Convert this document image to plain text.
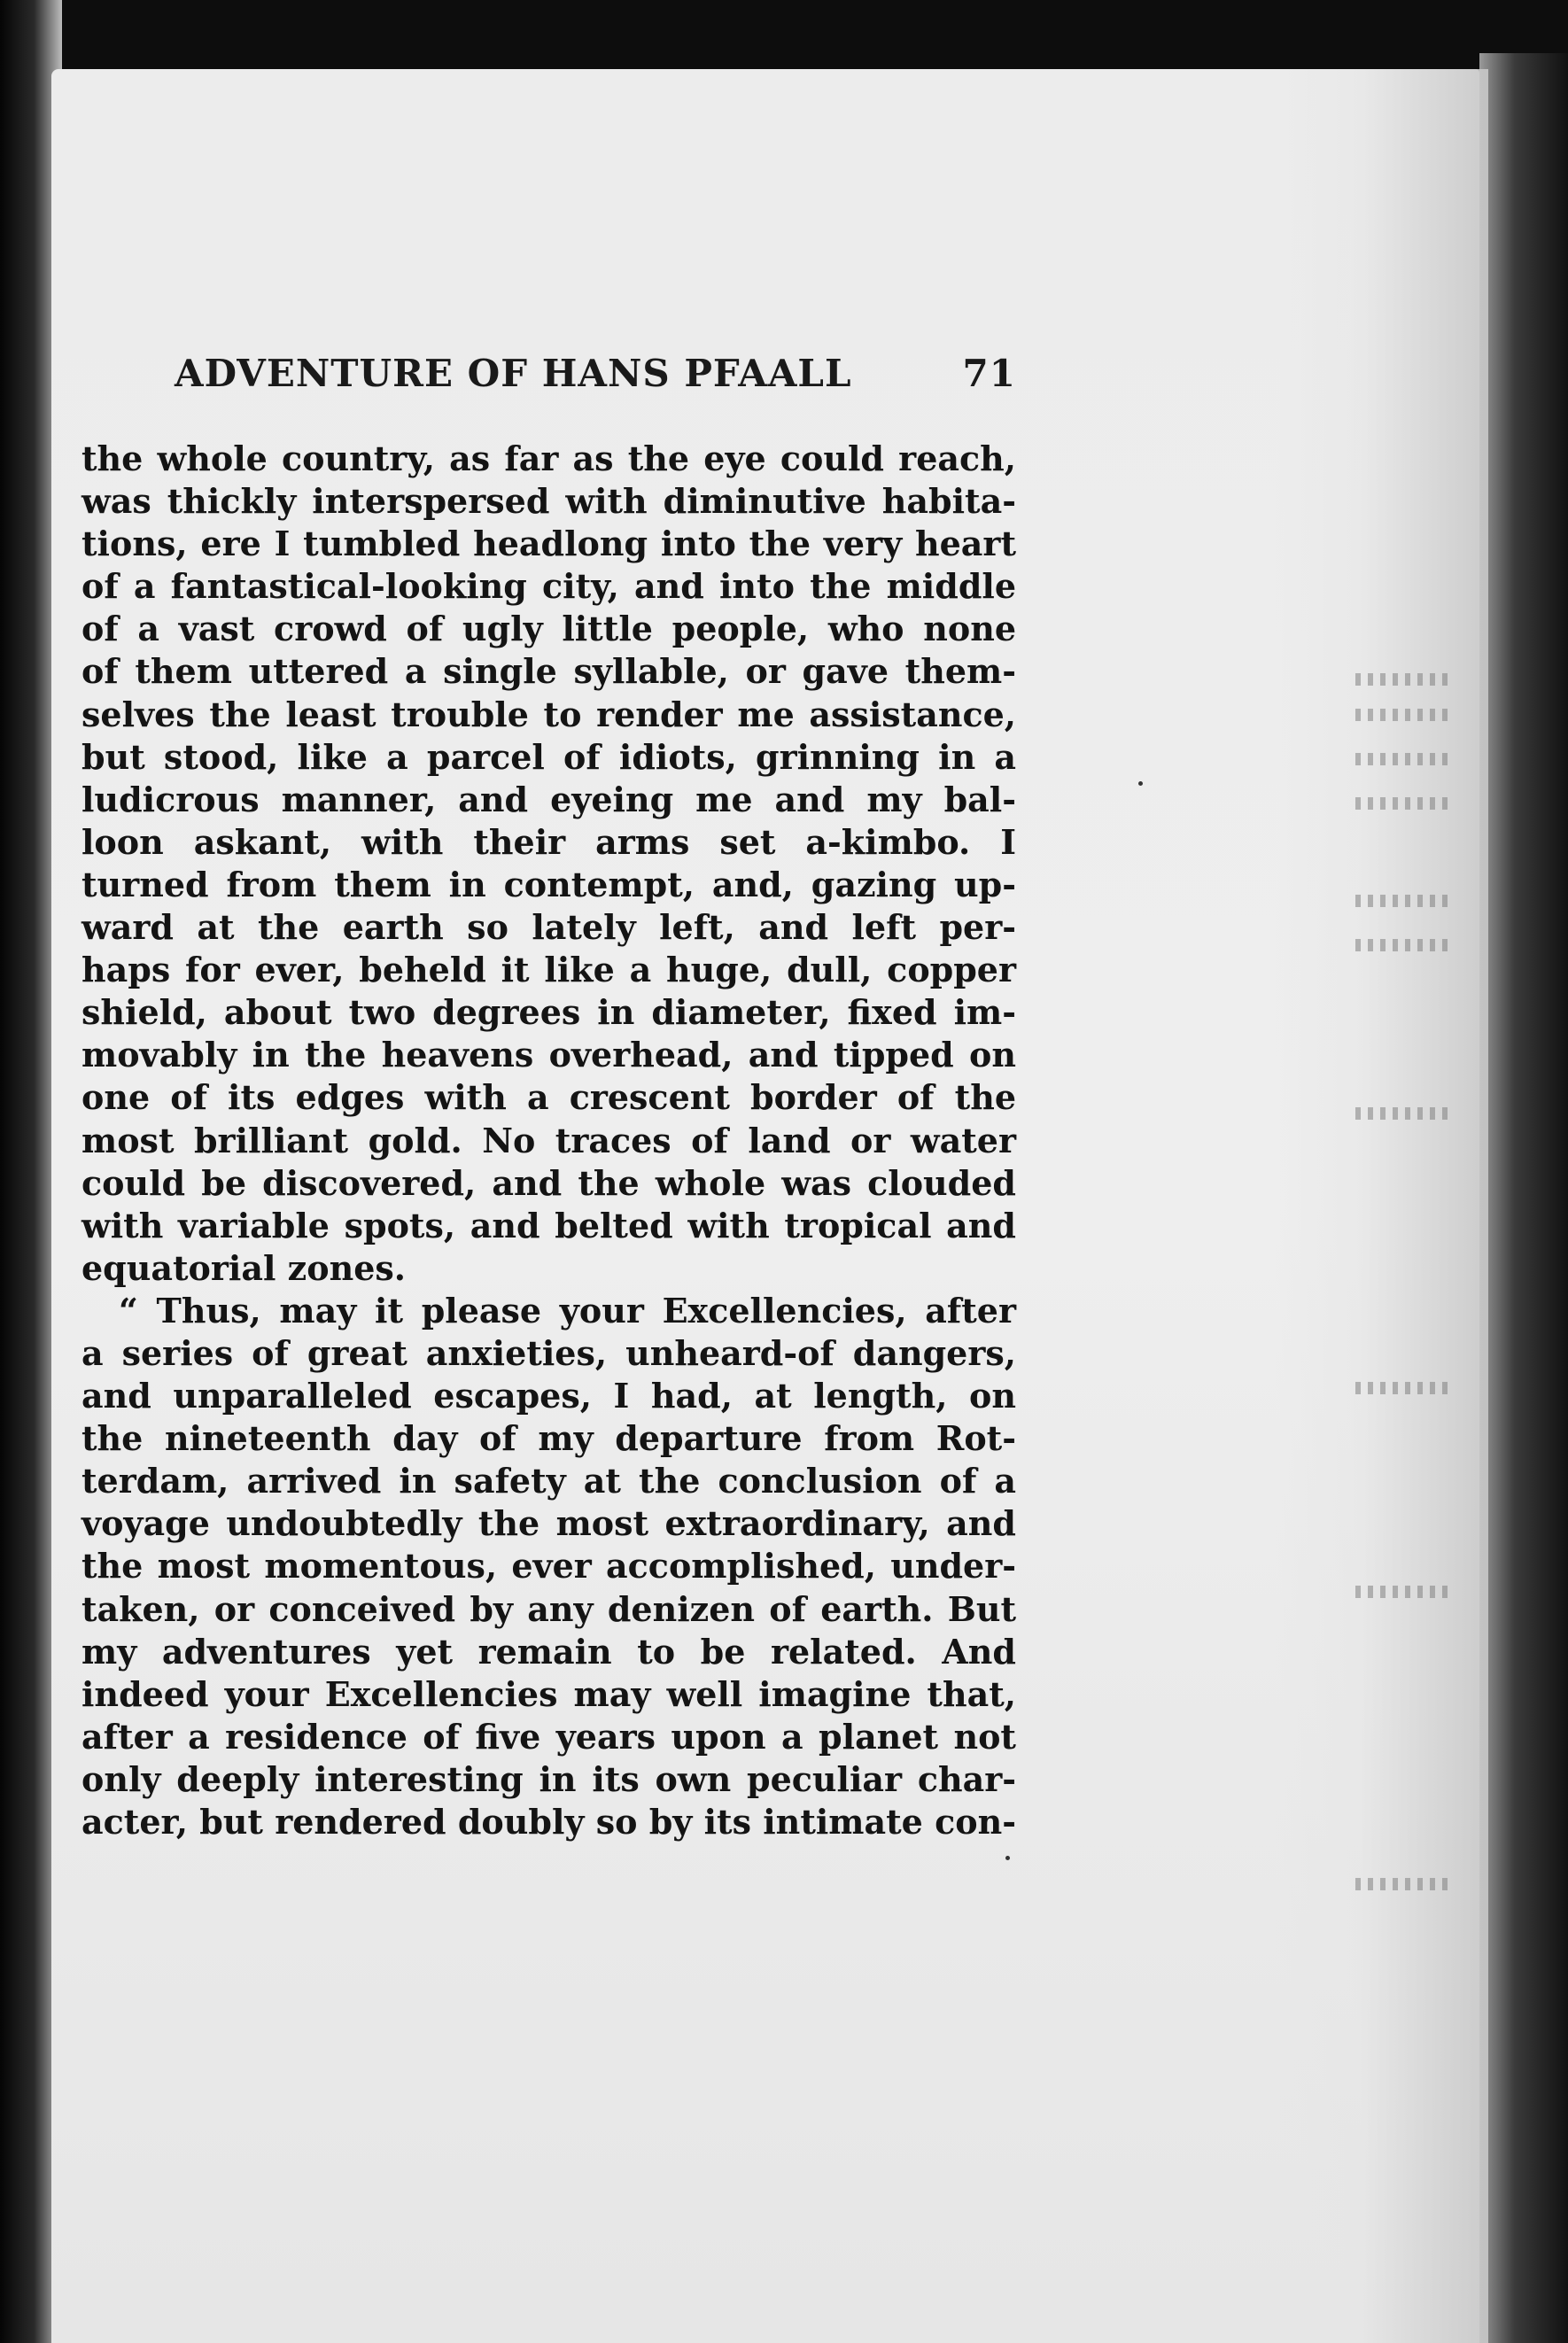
ADVENTURE OF HANS PFAALL	71
the whole country, as far as the eye could reach,
was thickly interspersed with diminutive habita-
tions, ere I tumbled headlong into the very heart
of a fantastical-looking city, and into the middle
of a vast crowd of ugly little people, who none
of them uttered a single syllable, or gave them-
selves the least trouble to render me assistance,
but stood, like a parcel of idiots, grinning in a
ludicrous manner, and eyeing me and my bal-
loon askant, with their arms set a-kimbo. I
turned from them in contempt, and, gazing up-
ward at the earth so lately left, and left per-
haps for ever, beheld it like a huge, dull, copper
shield, about two degrees in diameter, fixed im-
movably in the heavens overhead, and tipped on
one of its edges with a crescent border of the
most brilliant gold. No traces of land or water
could be discovered, and the whole was clouded
with variable spots, and belted with tropical and
equatorial zones.
“ Thus, may it please your Excellencies, after
a series of great anxieties, unheard-of dangers,
and unparalleled escapes, I had, at length, on
the nineteenth day of my departure from Rot-
terdam, arrived in safety at the conclusion of a
voyage undoubtedly the most extraordinary, and
the most momentous, ever accomplished, under-
taken, or conceived by any denizen of earth. But
my adventures yet remain to be related. And
indeed your Excellencies may well imagine that,
after a residence of five years upon a planet not
only deeply interesting in its own peculiar char-
acter, but rendered doubly so by its intimate con-
